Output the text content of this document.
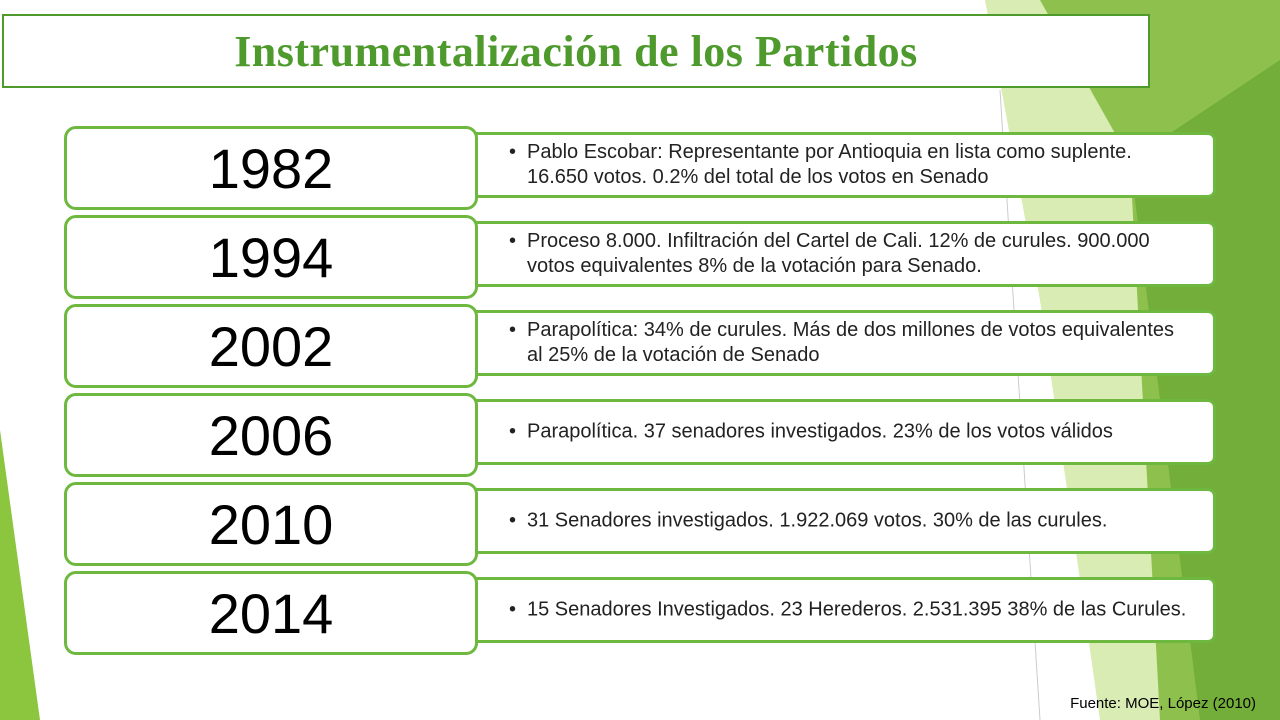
Instrumentalización de los Partidos
• Pablo Escobar: Representante por Antioquia en lista como suplente. 16.650 votos. 0.2% del total de los votos en Senado
1982
• Proceso 8.000. Infiltración del Cartel de Cali. 12% de curules. 900.000 votos equivalentes 8% de la votación para Senado.
1994
• Parapolítica: 34% de curules. Más de dos millones de votos equivalentes al 25% de la votación de Senado
2002
• Parapolítica. 37 senadores investigados. 23% de los votos válidos
2006
• 31 Senadores investigados. 1.922.069 votos. 30% de las curules.
2010
• 15 Senadores Investigados. 23 Herederos. 2.531.395 38% de las Curules.
2014
Fuente: MOE, López (2010)
